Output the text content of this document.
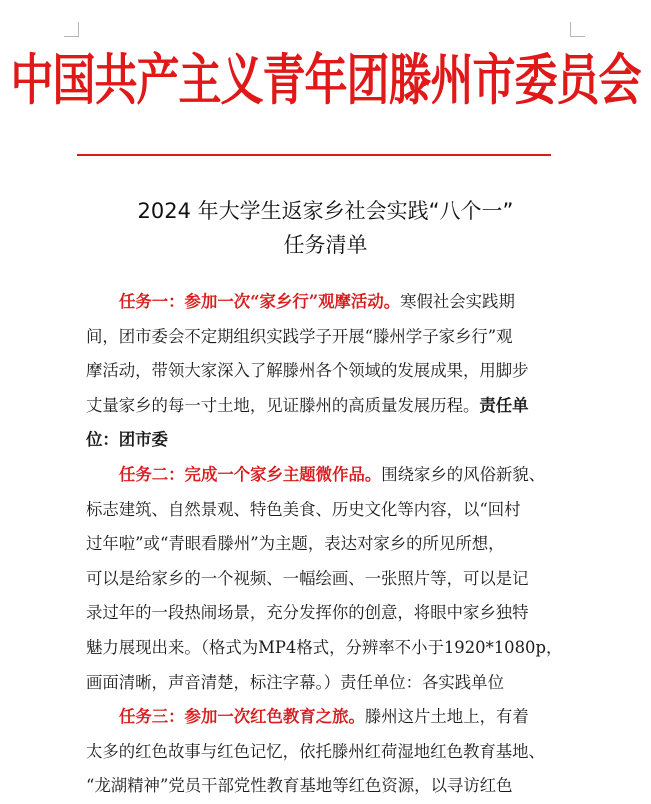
中国共产主义青年团滕州市委员会
2024 年大学生返家乡社会实践“八个一”
任务清单
任务一：参加一次“家乡行”观摩活动。寒假社会实践期
间，团市委会不定期组织实践学子开展“滕州学子家乡行”观
摩活动，带领大家深入了解滕州各个领域的发展成果，用脚步
丈量家乡的每一寸土地，见证滕州的高质量发展历程。责任单
位：团市委
任务二：完成一个家乡主题微作品。围绕家乡的风俗新貌、
标志建筑、自然景观、特色美食、历史文化等内容，以“回村
过年啦”或“青眼看滕州”为主题，表达对家乡的所见所想，
可以是给家乡的一个视频、一幅绘画、一张照片等，可以是记
录过年的一段热闹场景，充分发挥你的创意，将眼中家乡独特
魅力展现出来。（格式为MP4格式，分辨率不小于1920*1080p，
画面清晰，声音清楚，标注字幕。）责任单位：各实践单位
任务三：参加一次红色教育之旅。滕州这片土地上，有着
太多的红色故事与红色记忆，依托滕州红荷湿地红色教育基地、
“龙湖精神”党员干部党性教育基地等红色资源，以寻访红色
